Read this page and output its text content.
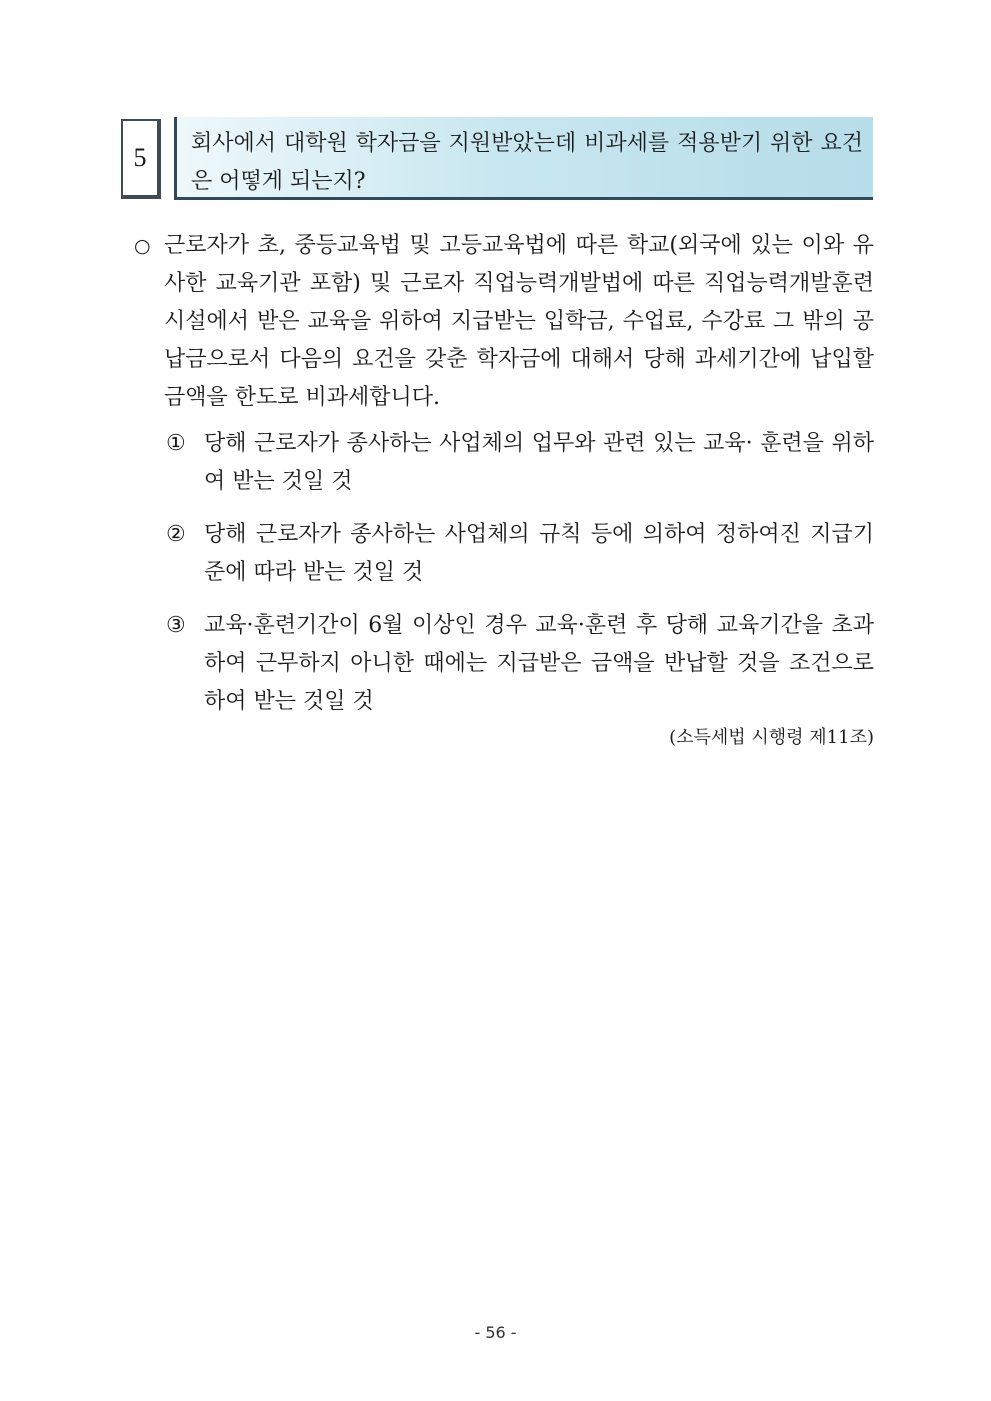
5 회사에서 대학원 학자금을 지원받았는데 비과세를 적용받기 위한 요건은 어떻게 되는지?

○ 근로자가 초, 중등교육법 및 고등교육법에 따른 학교(외국에 있는 이와 유사한 교육기관 포함) 및 근로자 직업능력개발법에 따른 직업능력개발훈련시설에서 받은 교육을 위하여 지급받는 입학금, 수업료, 수강료 그 밖의 공납금으로서 다음의 요건을 갖춘 학자금에 대해서 당해 과세기간에 납입할 금액을 한도로 비과세합니다.

① 당해 근로자가 종사하는 사업체의 업무와 관련 있는 교육· 훈련을 위하여 받는 것일 것

② 당해 근로자가 종사하는 사업체의 규칙 등에 의하여 정하여진 지급기준에 따라 받는 것일 것

③ 교육·훈련기간이 6월 이상인 경우 교육·훈련 후 당해 교육기간을 초과하여 근무하지 아니한 때에는 지급받은 금액을 반납할 것을 조건으로 하여 받는 것일 것

(소득세법 시행령 제11조)
- 56 -
